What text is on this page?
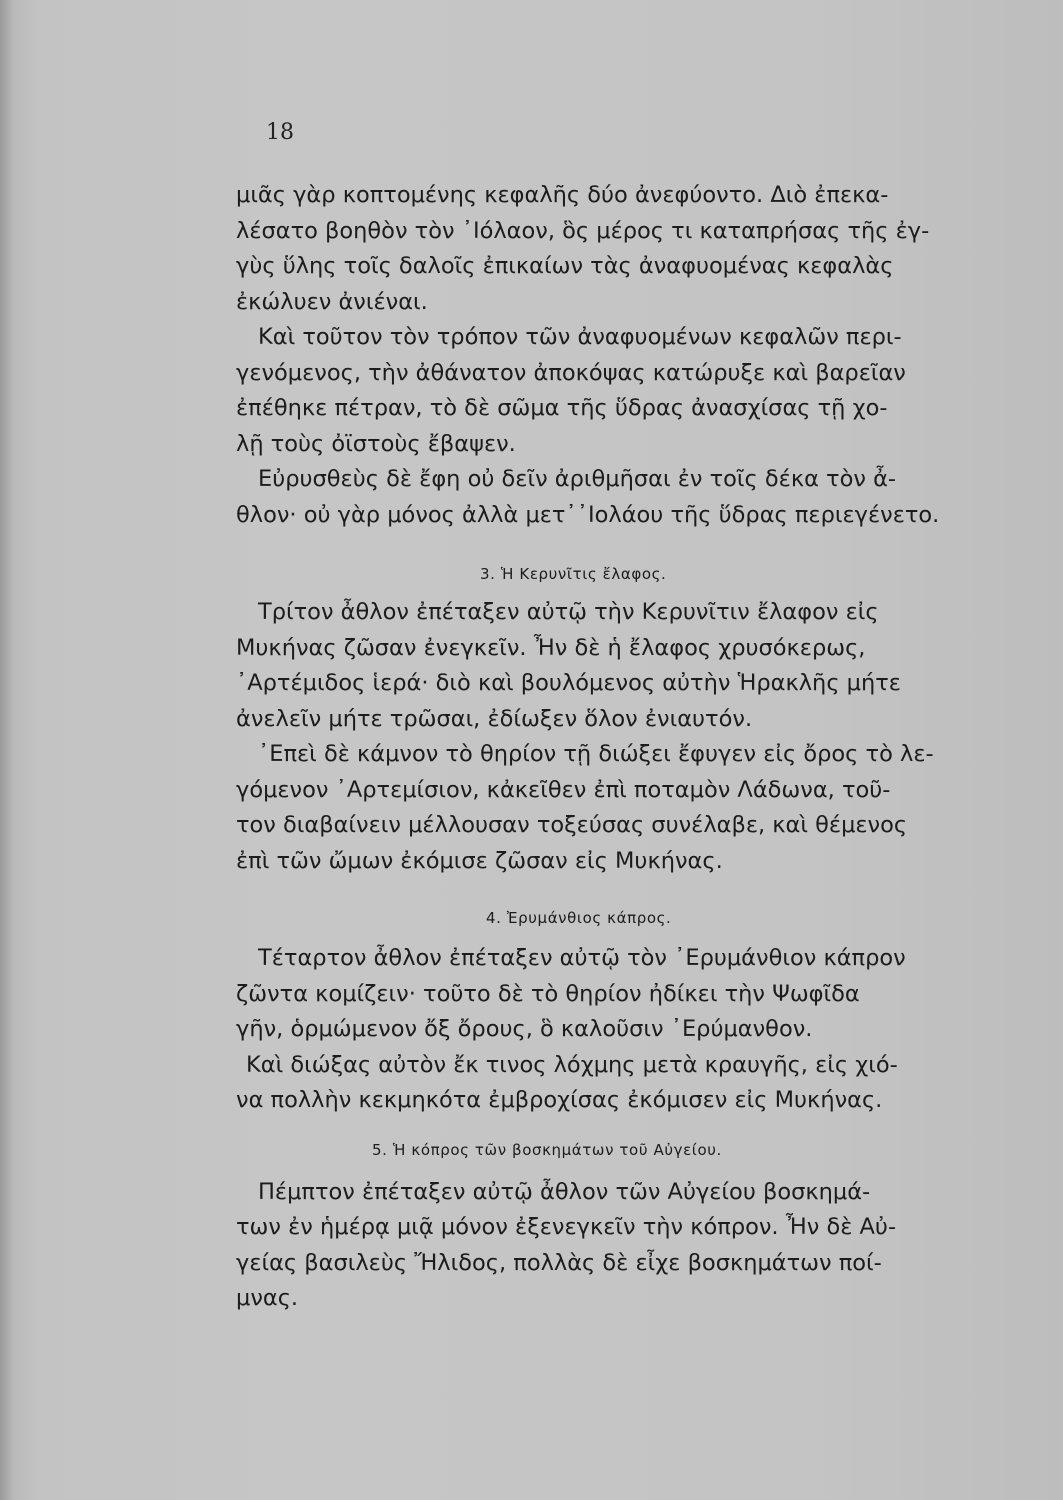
18

μιᾶς γὰρ κοπτομένης κεφαλῆς δύο ἀνεφύοντο. Διὸ ἐπεκα-
λέσατο βοηθὸν τὸν ᾽Ιόλαον, ὃς μέρος τι καταπρήσας τῆς ἐγ-
γὺς ὕλης τοῖς δαλοῖς ἐπικαίων τὰς ἀναφυομένας κεφαλὰς
ἐκώλυεν ἀνιέναι.

Καὶ τοῦτον τὸν τρόπον τῶν ἀναφυομένων κεφαλῶν περι-
γενόμενος, τὴν ἀθάνατον ἀποκόψας κατώρυξε καὶ βαρεῖαν
ἐπέθηκε πέτραν, τὸ δὲ σῶμα τῆς ὕδρας ἀνασχίσας τῇ χο-
λῇ τοὺς ὀϊστοὺς ἔβαψεν.

Εὐρυσθεὺς δὲ ἔφη οὐ δεῖν ἀριθμῆσαι ἐν τοῖς δέκα τὸν ἆ-
θλον· οὐ γὰρ μόνος ἀλλὰ μετ᾽᾽Ιολάου τῆς ὕδρας περιεγένετο.

3. Ἡ Κερυνῖτις ἔλαφος.

Τρίτον ἆθλον ἐπέταξεν αὐτῷ τὴν Κερυνῖτιν ἔλαφον εἰς
Μυκήνας ζῶσαν ἐνεγκεῖν. Ἦν δὲ ἡ ἔλαφος χρυσόκερως,
᾽Αρτέμιδος ἱερά· διὸ καὶ βουλόμενος αὐτὴν Ἡρακλῆς μήτε
ἀνελεῖν μήτε τρῶσαι, ἐδίωξεν ὅλον ἐνιαυτόν.

᾽Επεὶ δὲ κάμνον τὸ θηρίον τῇ διώξει ἔφυγεν εἰς ὄρος τὸ λε-
γόμενον ᾽Αρτεμίσιον, κἀκεῖθεν ἐπὶ ποταμὸν Λάδωνα, τοῦ-
τον διαβαίνειν μέλλουσαν τοξεύσας συνέλαβε, καὶ θέμενος
ἐπὶ τῶν ὤμων ἐκόμισε ζῶσαν εἰς Μυκήνας.

4. Ἐρυμάνθιος κάπρος.

Τέταρτον ἆθλον ἐπέταξεν αὐτῷ τὸν ᾽Ερυμάνθιον κάπρον
ζῶντα κομίζειν· τοῦτο δὲ τὸ θηρίον ἠδίκει τὴν Ψωφῖδα
γῆν, ὁρμώμενον ὄξ ὄρους, ὃ καλοῦσιν ᾽Ερύμανθον.

Καὶ διώξας αὐτὸν ἔκ τινος λόχμης μετὰ κραυγῆς, εἰς χιό-
να πολλὴν κεκμηκότα ἐμβροχίσας ἐκόμισεν εἰς Μυκήνας.

5. Ἡ κόπρος τῶν βοσκημάτων τοῦ Αὐγείου.

Πέμπτον ἐπέταξεν αὐτῷ ἆθλον τῶν Αὐγείου βοσκημά-
των ἐν ἡμέρᾳ μιᾷ μόνον ἐξενεγκεῖν τὴν κόπρον. Ἦν δὲ Αὐ-
γείας βασιλεὺς Ἤλιδος, πολλὰς δὲ εἶχε βοσκημάτων ποί-
μνας.
